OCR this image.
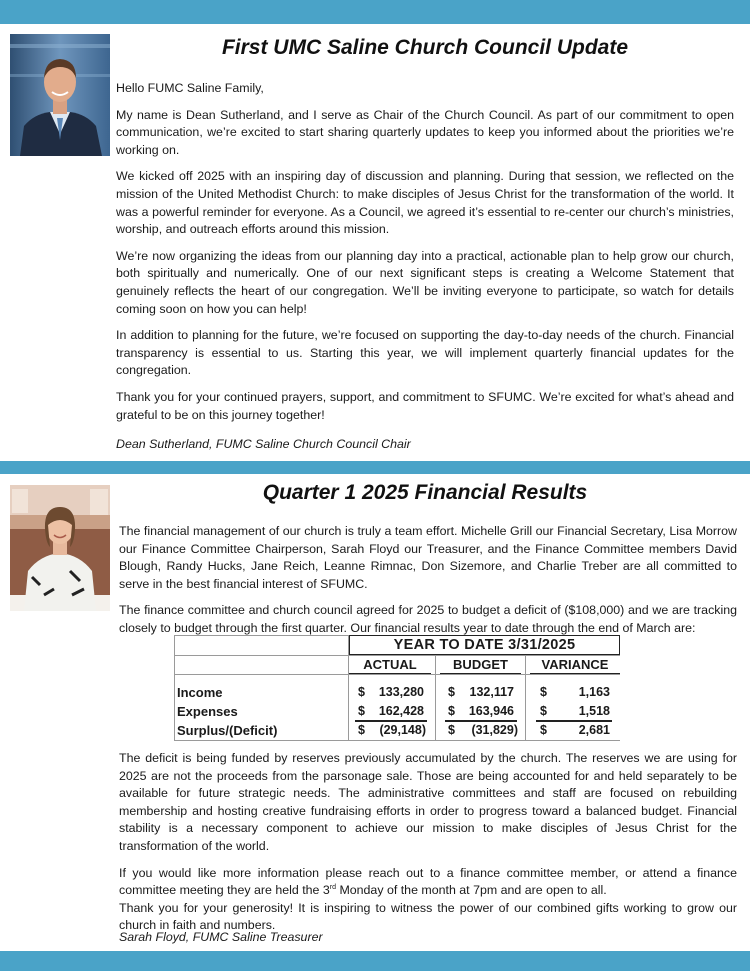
First UMC Saline Church Council Update

Hello FUMC Saline Family,

My name is Dean Sutherland, and I serve as Chair of the Church Council. As part of our commitment to open communication, we’re excited to start sharing quarterly updates to keep you informed about the priorities we’re working on.

We kicked off 2025 with an inspiring day of discussion and planning. During that session, we reflected on the mission of the United Methodist Church: to make disciples of Jesus Christ for the transformation of the world. It was a powerful reminder for everyone. As a Council, we agreed it’s essential to re-center our church’s ministries, worship, and outreach efforts around this mission.

We’re now organizing the ideas from our planning day into a practical, actionable plan to help grow our church, both spiritually and numerically. One of our next significant steps is creating a Welcome Statement that genuinely reflects the heart of our congregation. We’ll be inviting everyone to participate, so watch for details coming soon on how you can help!

In addition to planning for the future, we’re focused on supporting the day-to-day needs of the church. Financial transparency is essential to us. Starting this year, we will implement quarterly financial updates for the congregation.

Thank you for your continued prayers, support, and commitment to SFUMC. We’re excited for what’s ahead and grateful to be on this journey together!

Dean Sutherland, FUMC Saline Church Council Chair
Quarter 1 2025 Financial Results

The financial management of our church is truly a team effort. Michelle Grill our Financial Secretary, Lisa Morrow our Finance Committee Chairperson, Sarah Floyd our Treasurer, and the Finance Committee members David Blough, Randy Hucks, Jane Reich, Leanne Rimnac, Don Sizemore, and Charlie Treber are all committed to serve in the best financial interest of SFUMC.

The finance committee and church council agreed for 2025 to budget a deficit of ($108,000) and we are tracking closely to budget through the first quarter. Our financial results year to date through the end of March are:

YEAR TO DATE 3/31/2025
ACTUAL	BUDGET	VARIANCE
Income	$	133,280 $	132,117 $	1,163
Expenses	$	162,428 $	163,946 $	1,518
Surplus/(Deficit)	$	(29,148) $	(31,829) $	2,681

The deficit is being funded by reserves previously accumulated by the church. The reserves we are using for 2025 are not the proceeds from the parsonage sale. Those are being accounted for and held separately to be available for future strategic needs. The administrative committees and staff are focused on rebuilding membership and hosting creative fundraising efforts in order to progress toward a balanced budget. Financial stability is a necessary component to achieve our mission to make disciples of Jesus Christ for the transformation of the world.

If you would like more information please reach out to a finance committee member, or attend a finance committee meeting they are held the 3rd Monday of the month at 7pm and are open to all.

Thank you for your generosity! It is inspiring to witness the power of our combined gifts working to grow our church in faith and numbers.

Sarah Floyd, FUMC Saline Treasurer
